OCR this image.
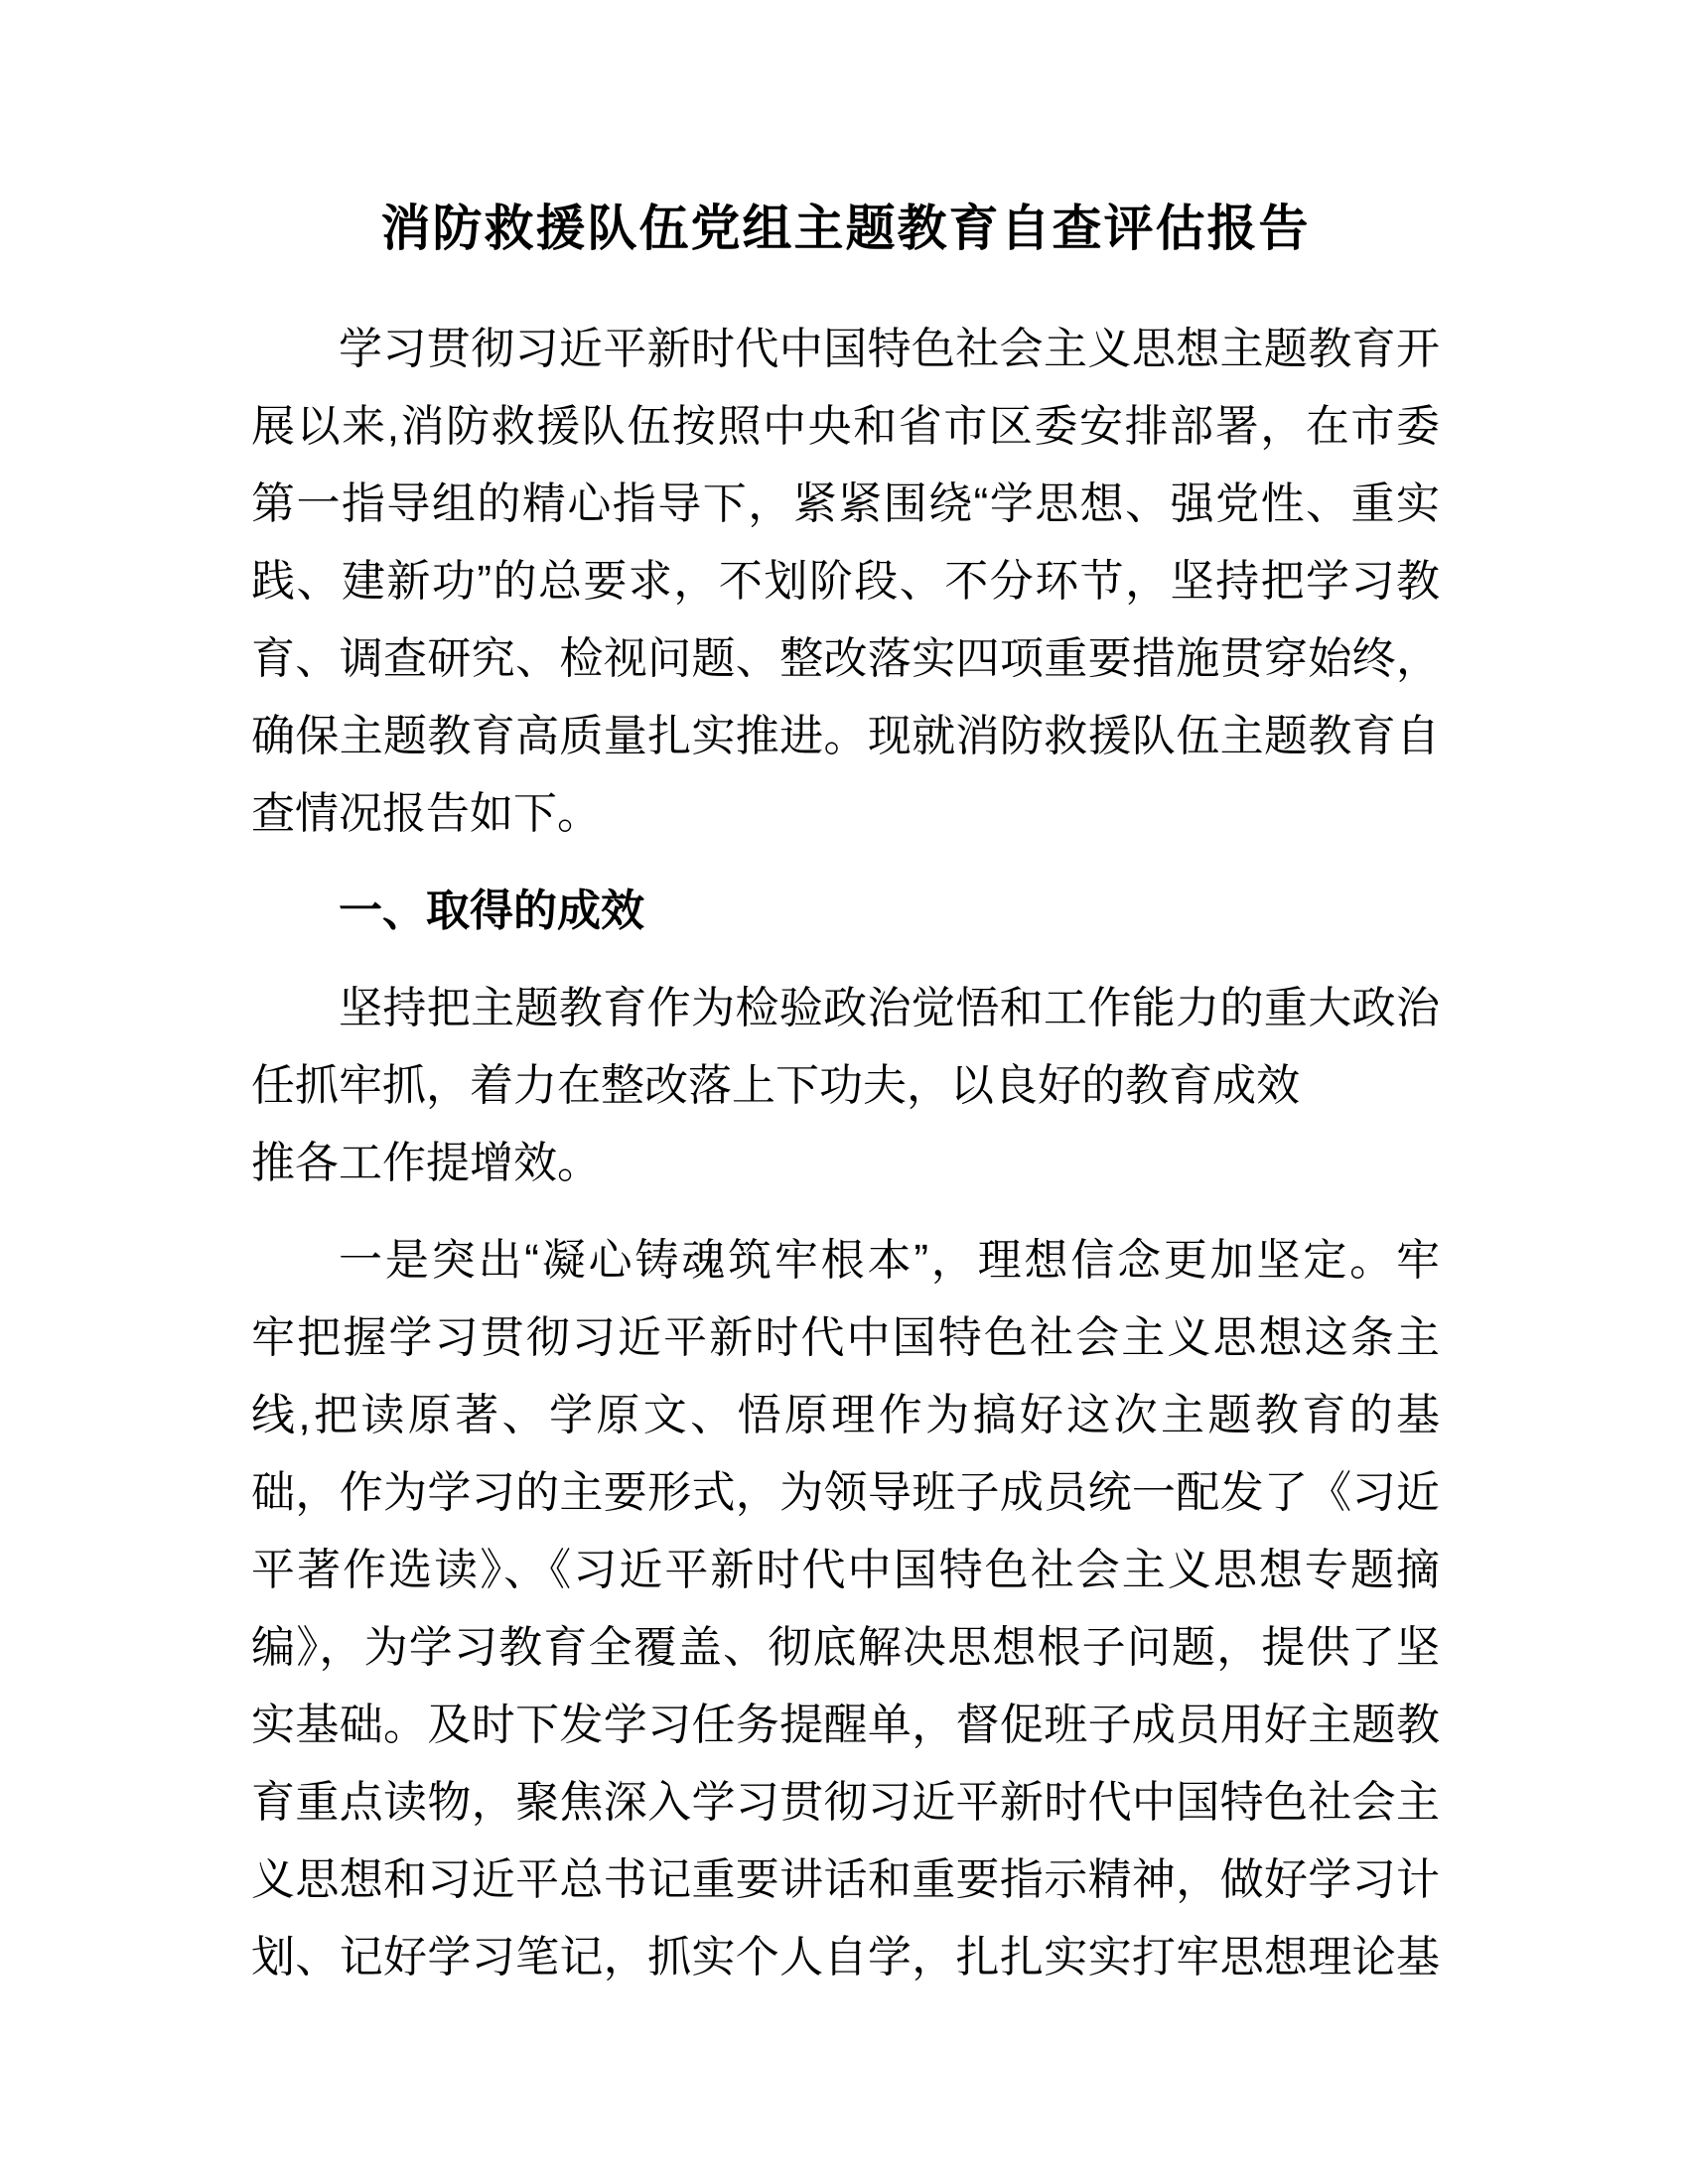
消防救援队伍党组主题教育自查评估报告
学习贯彻习近平新时代中国特色社会主义思想主题教育开
展以来,消防救援队伍按照中央和省市区委安排部署，在市委
第一指导组的精心指导下，紧紧围绕“学思想、强党性、重实
践、建新功”的总要求，不划阶段、不分环节，坚持把学习教
育、调查研究、检视问题、整改落实四项重要措施贯穿始终，
确保主题教育高质量扎实推进。现就消防救援队伍主题教育自
查情况报告如下。
一、取得的成效
坚持把主题教育作为检验政治觉悟和工作能力的重大政治
任抓牢抓，着力在整改落上下功夫，以良好的教育成效
推各工作提增效。
一是突出“凝心铸魂筑牢根本”，理想信念更加坚定。牢
牢把握学习贯彻习近平新时代中国特色社会主义思想这条主
线,把读原著、学原文、悟原理作为搞好这次主题教育的基
础，作为学习的主要形式，为领导班子成员统一配发了《习近
平著作选读》、《习近平新时代中国特色社会主义思想专题摘
编》，为学习教育全覆盖、彻底解决思想根子问题，提供了坚
实基础。及时下发学习任务提醒单，督促班子成员用好主题教
育重点读物，聚焦深入学习贯彻习近平新时代中国特色社会主
义思想和习近平总书记重要讲话和重要指示精神，做好学习计
划、记好学习笔记，抓实个人自学，扎扎实实打牢思想理论基
